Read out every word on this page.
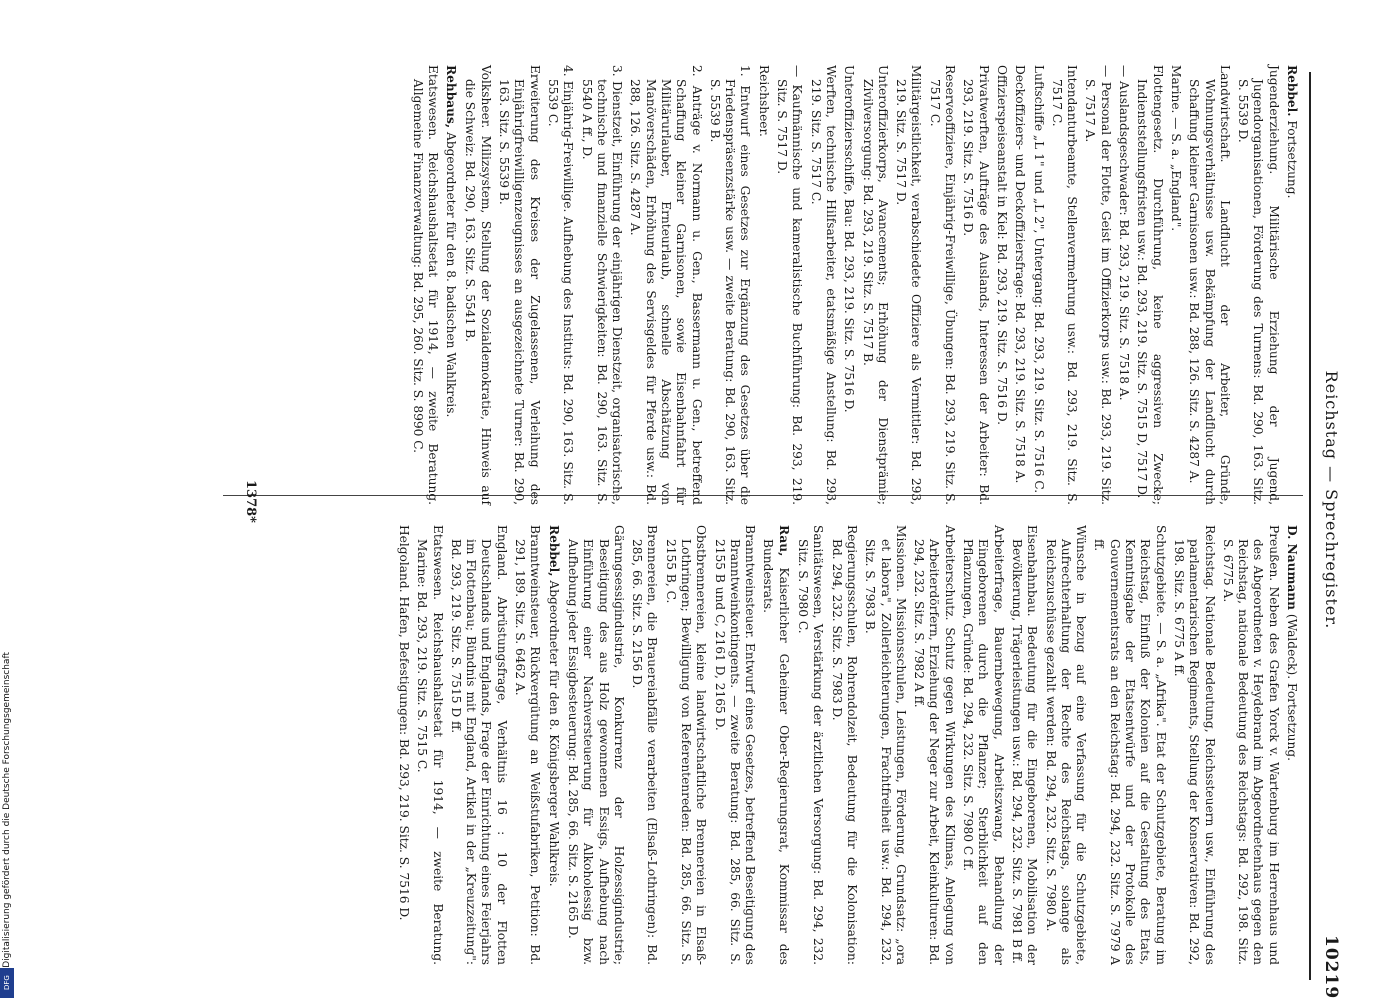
Reichstag — Sprechregister.
10219
D. Naumann (Waldeck). Fortsetzung.
Preußen. Neben des Grafen Yorck v. Wartenburg im Herrenhaus und des Abgeordneten v. Heydebrand im Abgeordnetenhaus gegen den Reichstag, nationale Bedeutung des Reichstags: Bd. 292, 198. Sitz. S. 6775 A.
Reichstag. Nationale Bedeutung, Reichssteuern usw., Einführung des parlamentarischen Regiments, Stellung der Konservativen: Bd. 292, 198. Sitz. S. 6775 A ff.
Schutzgebiete. — S. a. „Afrika". Etat der Schutzgebiete, Beratung im Reichstag, Einfluß der Kolonien auf die Gestaltung des Etats, Kenntnisgabe der Etatsentwürfe und der Protokolle des Gouvernementsrats an den Reichstag: Bd. 294, 232. Sitz. S. 7979 A ff.
Wünsche in bezug auf eine Verfassung für die Schutzgebiete, Aufrechterhaltung der Rechte des Reichstags, solange als Reichszuschüsse gezahlt werden: Bd. 294, 232. Sitz. S. 7980 A.
Eisenbahnbau. Bedeutung für die Eingeborenen, Mobilisation der Bevölkerung, Trägerleistungen usw.: Bd. 294, 232. Sitz. S. 7981 B ff.
Arbeiterfrage, Bauernbewegung, Arbeitszwang, Behandlung der Eingeborenen durch die Pflanzer; Sterblichkeit auf den Pflanzungen, Gründe: Bd. 294, 232. Sitz. S. 7980 C ff.
Arbeiterschutz. Schutz gegen Wirkungen des Klimas, Anlegung von Arbeiterdörfern, Erziehung der Neger zur Arbeit, Kleinkulturen: Bd. 294, 232. Sitz. S. 7982 A ff.
Missionen. Missionsschulen, Leistungen, Förderung, Grundsatz: „ora et labora", Zollerleichterungen, Frachtfreiheit usw.: Bd. 294, 232. Sitz. S. 7983 B.
Regierungsschulen, Rohrendolzeit, Bedeutung für die Kolonisation: Bd. 294, 232. Sitz. S. 7983 D.
Sanitätswesen, Verstärkung der ärztlichen Versorgung: Bd. 294, 232. Sitz. S. 7980 C.
Rau, Kaiserlicher Geheimer Ober-Regierungsrat, Kommissar des Bundesrats.
Branntweinsteuer. Entwurf eines Gesetzes, betreffend Beseitigung des Branntweinkontingents. — zweite Beratung: Bd. 285, 66. Sitz. S. 2155 B und C, 2161 D, 2165 D.
Obstbrennereien, kleine landwirtschaftliche Brennereien in Elsaß-Lothringen; Bewilligung von Referentenreden: Bd. 285, 66. Sitz. S. 2155 B, C.
Brennereien, die Brauereiabfälle verarbeiten (Elsaß-Lothringen): Bd. 285, 66. Sitz. S. 2156 D.
Gärungsessigindustrie, Konkurrenz der Holzessigindustrie; Beseitigung des aus Holz gewonnenen Essigs, Aufhebung nach Einführung einer Nachversteuerung für Alkoholessig bzw. Aufhebung jeder Essigbesteuerung: Bd. 285, 66. Sitz. S. 2165 D.
Rebbel, Abgeordneter für den 8. Königsberger Wahlkreis.
Branntweinsteuer, Rückvergütung an Weißstufabriken, Petition: Bd. 291, 189. Sitz. S. 6462 A.
England. Abrüstungsfrage, Verhältnis 16 : 10 der Flotten Deutschlands und Englands, Frage der Einrichtung eines Feierjahrs im Flottenbau; Bündnis mit England, Artikel in der „Kreuzzeitung": Bd. 293, 219. Sitz. S. 7515 D ff.
Etatswesen. Reichshaushaltsetat für 1914, — zweite Beratung. Marine: Bd. 293, 219. Sitz. S. 7515 C.
Helgoland. Hafen, Befestigungen: Bd. 293, 219. Sitz. S. 7516 D.
Rebbel. Fortsetzung.
Jugenderziehung. Militärische Erziehung der Jugend, Jugendorganisationen, Förderung des Turnens: Bd. 290, 163. Sitz. S. 5539 D.
Landwirtschaft. Landflucht der Arbeiter, Gründe, Wohnungsverhältnisse usw. Bekämpfung der Landflucht durch Schaffung kleiner Garnisonen usw.: Bd. 288, 126. Sitz. S. 4287 A.
Marine. — S. a. „England".
Flottengesetz. Durchführung, keine aggressiven Zwecke; Indienststellungsfristen usw.: Bd. 293, 219. Sitz. S. 7515 D, 7517 D.
— Auslandsgeschwader: Bd. 293, 219. Sitz. S. 7518 A.
— Personal der Flotte, Geist im Offizierkorps usw.: Bd. 293, 219. Sitz. S. 7517 A.
Intendanturbeamte, Stellenvermehrung usw.: Bd. 293, 219. Sitz. S. 7517 C.
Luftschiffe „L 1" und „L 2", Untergang: Bd. 293, 219. Sitz. S. 7516 C.
Deckoffiziers- und Deckoffiziersfrage: Bd. 293, 219. Sitz. S. 7518 A.
Offizierspeiseanstalt in Kiel: Bd. 293, 219. Sitz. S. 7516 D.
Privatwerften, Aufträge des Auslands, Interessen der Arbeiter: Bd. 293, 219. Sitz. S. 7516 D.
Reserveoffiziere, Einjährig-Freiwillige, Übungen: Bd. 293, 219. Sitz. S. 7517 C.
Militärgeistlichkeit, verabschiedete Offiziere als Vermittler: Bd. 293, 219. Sitz. S. 7517 D.
Unteroffizierkorps, Avancements; Erhöhung der Dienstprämie; Zivilversorgung: Bd. 293, 219. Sitz. S. 7517 B.
Unteroffiziersschiffe, Bau: Bd. 293, 219. Sitz. S. 7516 D.
Werften, technische Hilfsarbeiter, etatsmäßige Anstellung: Bd. 293, 219. Sitz. S. 7517 C.
— Kaufmännische und kameralistische Buchführung: Bd. 293, 219. Sitz. S. 7517 D.
Reichsheer.
1. Entwurf eines Gesetzes zur Ergänzung des Gesetzes über die Friedenspräsenzstärke usw. — zweite Beratung: Bd. 290, 163. Sitz. S. 5539 B.
2. Anträge v. Normann u. Gen., Bassermann u. Gen., betreffend Schaffung kleiner Garnisonen, sowie Eisenbahnfahrt für Militärurlauber, Ernteurlaub, schnelle Abschätzung von Manöverschäden, Erhöhung des Servisgeldes für Pferde usw.: Bd. 288, 126. Sitz. S. 4287 A.
3. Dienstzeit, Einführung der einjährigen Dienstzeit, organisatorische, technische und finanzielle Schwierigkeiten: Bd. 290, 163. Sitz. S. 5540 A ff., D.
4. Einjährig-Freiwillige. Aufhebung des Instituts: Bd. 290, 163. Sitz. S. 5539 C.
Erweiterung des Kreises der Zugelassenen, Verleihung des Einjährigfreiwilligenzeugnisses an ausgezeichnete Turner: Bd. 290, 163. Sitz. S. 5539 B.
Volksheer. Milizsystem, Stellung der Sozialdemokratie, Hinweis auf die Schweiz: Bd. 290, 163. Sitz. S. 5541 B.
Rehbaus, Abgeordneter für den 8. badischen Wahlkreis.
Etatswesen. Reichshaushaltsetat für 1914, — zweite Beratung. Allgemeine Finanzverwaltung: Bd. 295, 260. Sitz. S. 8990 C.
1378*
Digitalisierung gefördert durch die Deutsche Forschungsgemeinschaft
DFG
